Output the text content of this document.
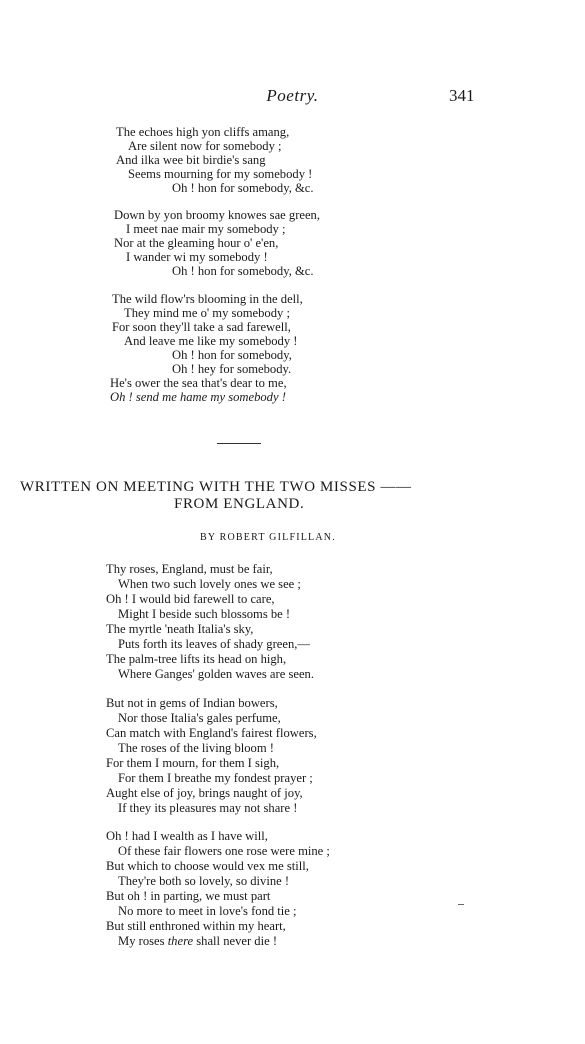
Poetry.	341
The echoes high yon cliffs amang,
Are silent now for somebody ;
And ilka wee bit birdie's sang
Seems mourning for my somebody !
Oh ! hon for somebody, &c.
Down by yon broomy knowes sae green,
I meet nae mair my somebody ;
Nor at the gleaming hour o' e'en,
I wander wi my somebody !
Oh ! hon for somebody, &c.
The wild flow'rs blooming in the dell,
They mind me o' my somebody ;
For soon they'll take a sad farewell,
And leave me like my somebody !
Oh ! hon for somebody,
Oh ! hey for somebody.
He's ower the sea that's dear to me,
Oh ! send me hame my somebody !
WRITTEN ON MEETING WITH THE TWO MISSES ——
FROM ENGLAND.
BY ROBERT GILFILLAN.
Thy roses, England, must be fair,
When two such lovely ones we see ;
Oh ! I would bid farewell to care,
Might I beside such blossoms be !
The myrtle 'neath Italia's sky,
Puts forth its leaves of shady green,—
The palm-tree lifts its head on high,
Where Ganges' golden waves are seen.
But not in gems of Indian bowers,
Nor those Italia's gales perfume,
Can match with England's fairest flowers,
The roses of the living bloom !
For them I mourn, for them I sigh,
For them I breathe my fondest prayer ;
Aught else of joy, brings naught of joy,
If they its pleasures may not share !
Oh ! had I wealth as I have will,
Of these fair flowers one rose were mine ;
But which to choose would vex me still,
They're both so lovely, so divine !
But oh ! in parting, we must part
No more to meet in love's fond tie ;
But still enthroned within my heart,
My roses there shall never die !
